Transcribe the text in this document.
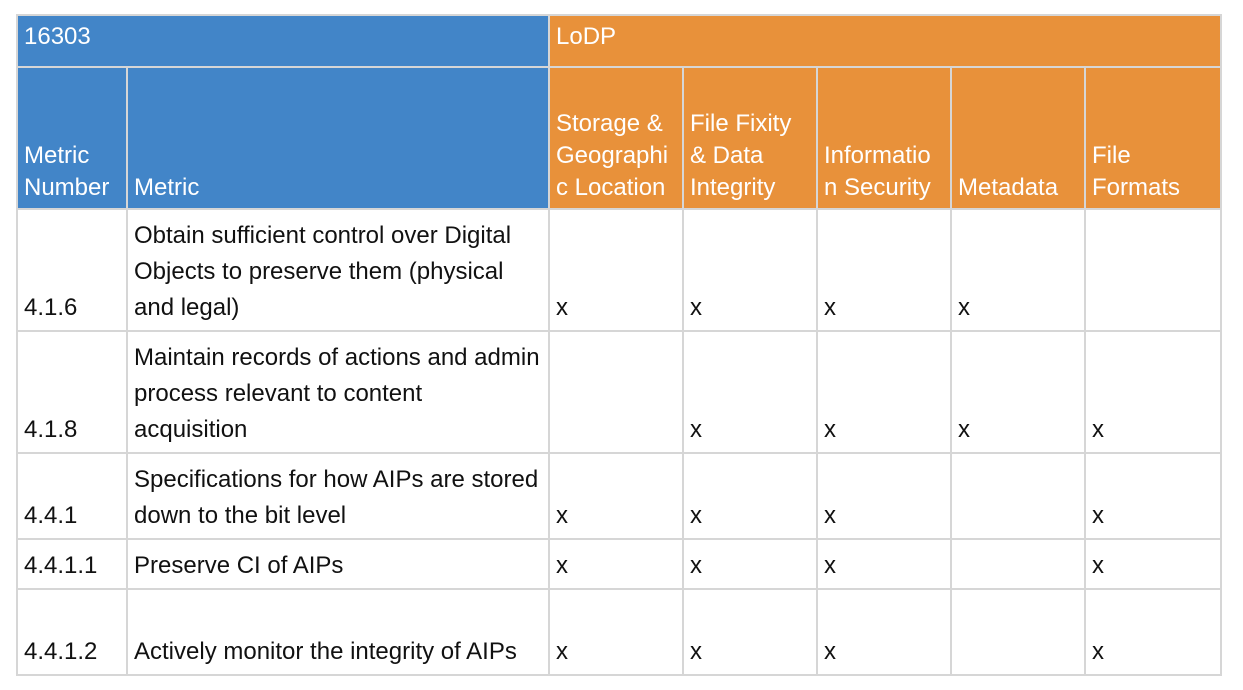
16303		LoDP				
Metric Number	Metric	Storage & Geographic Location	File Fixity & Data Integrity	Information Security	Metadata	File Formats
4.1.6	Obtain sufficient control over Digital Objects to preserve them (physical and legal)	x	x	x	x	
4.1.8	Maintain records of actions and admin process relevant to content acquisition		x	x	x	x
4.4.1	Specifications for how AIPs are stored down to the bit level	x	x	x		x
4.4.1.1	Preserve CI of AIPs	x	x	x		x
4.4.1.2	Actively monitor the integrity of AIPs	x	x	x		x
